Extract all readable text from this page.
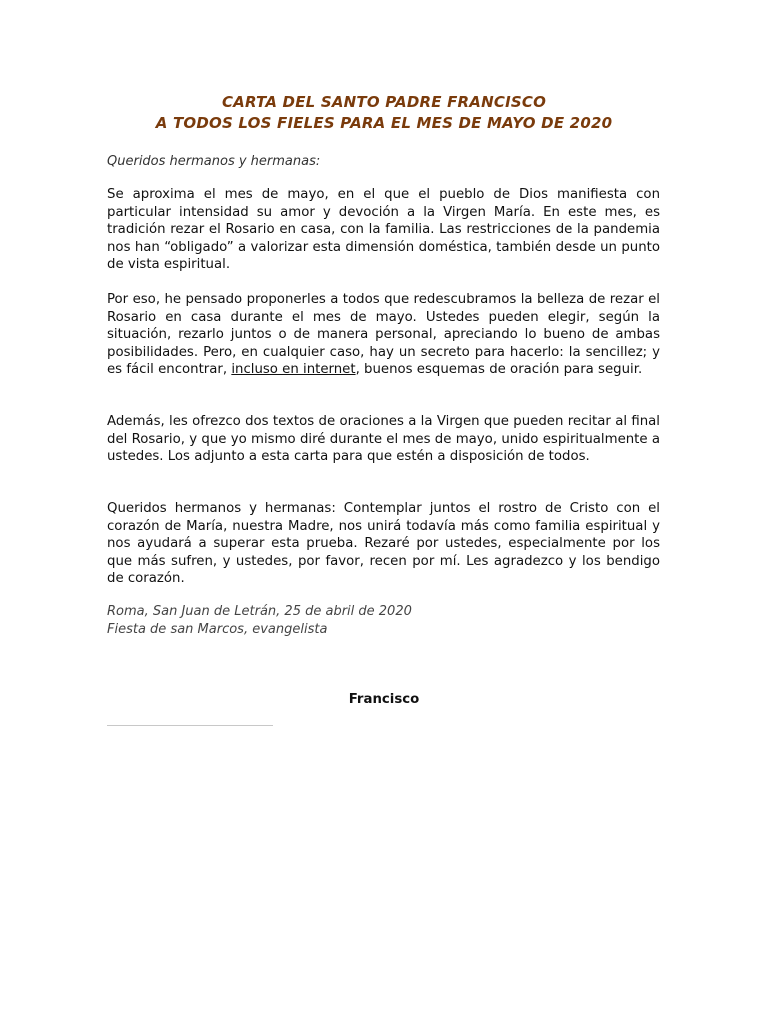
CARTA DEL SANTO PADRE FRANCISCO
A TODOS LOS FIELES PARA EL MES DE MAYO DE 2020

Queridos hermanos y hermanas:

Se aproxima el mes de mayo, en el que el pueblo de Dios manifiesta con particular intensidad su amor y devoción a la Virgen María. En este mes, es tradición rezar el Rosario en casa, con la familia. Las restricciones de la pandemia nos han “obligado” a valorizar esta dimensión doméstica, también desde un punto de vista espiritual.

Por eso, he pensado proponerles a todos que redescubramos la belleza de rezar el Rosario en casa durante el mes de mayo. Ustedes pueden elegir, según la situación, rezarlo juntos o de manera personal, apreciando lo bueno de ambas posibilidades. Pero, en cualquier caso, hay un secreto para hacerlo: la sencillez; y es fácil encontrar, incluso en internet, buenos esquemas de oración para seguir.

Además, les ofrezco dos textos de oraciones a la Virgen que pueden recitar al final del Rosario, y que yo mismo diré durante el mes de mayo, unido espiritualmente a ustedes. Los adjunto a esta carta para que estén a disposición de todos.

Queridos hermanos y hermanas: Contemplar juntos el rostro de Cristo con el corazón de María, nuestra Madre, nos unirá todavía más como familia espiritual y nos ayudará a superar esta prueba. Rezaré por ustedes, especialmente por los que más sufren, y ustedes, por favor, recen por mí. Les agradezco y los bendigo de corazón.

Roma, San Juan de Letrán, 25 de abril de 2020
Fiesta de san Marcos, evangelista

Francisco
